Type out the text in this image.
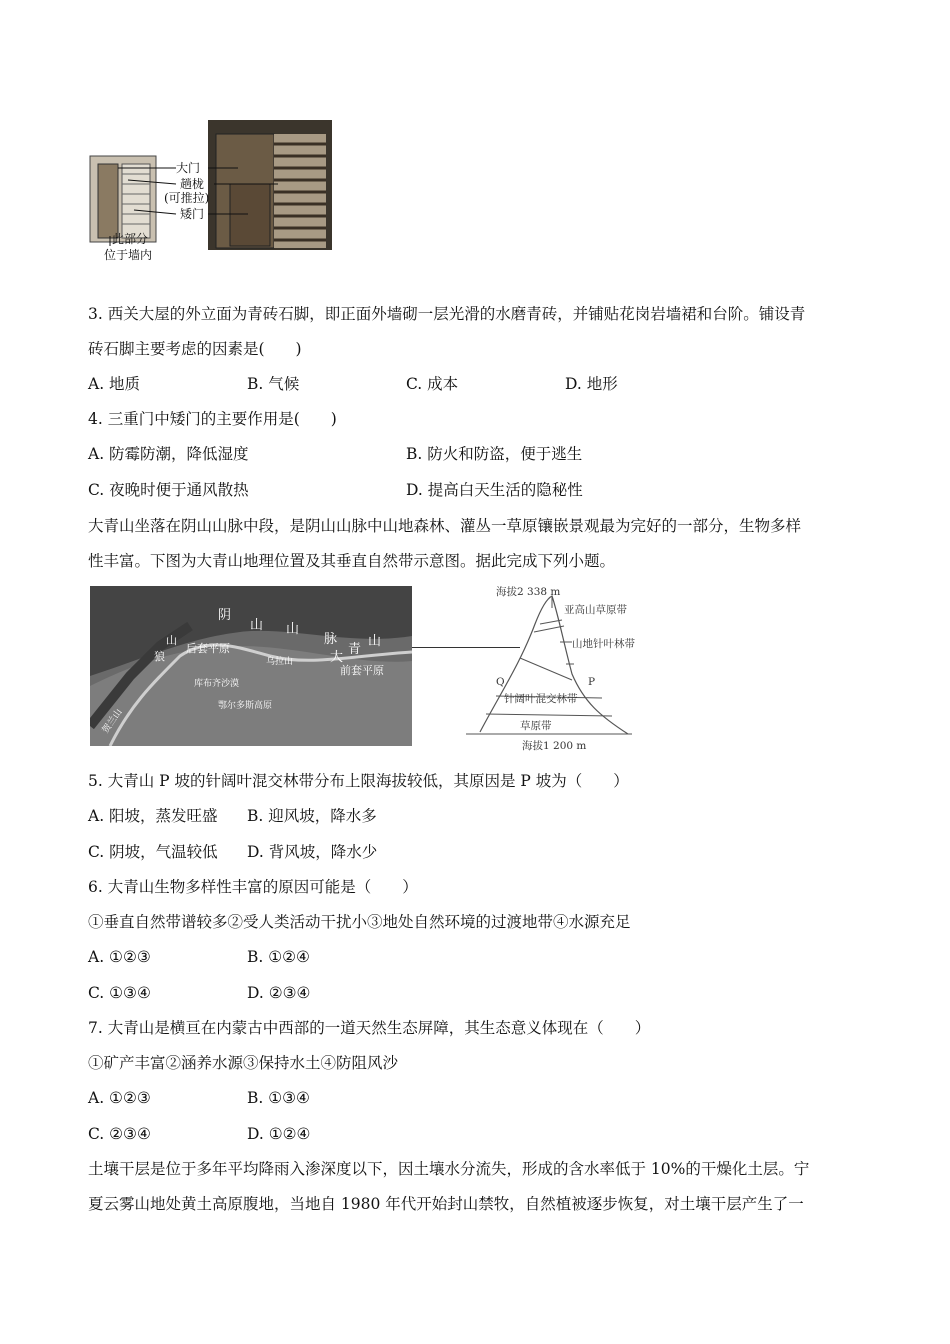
大门
趟栊
(可推拉)
矮门
此部分
位于墙内
3. 西关大屋的外立面为青砖石脚，即正面外墙砌一层光滑的水磨青砖，并铺贴花岗岩墙裙和台阶。铺设青
砖石脚主要考虑的因素是(　　)
A. 地质	B. 气候	C. 成本	D. 地形
4. 三重门中矮门的主要作用是(　　)
A. 防霉防潮，降低湿度	B. 防火和防盗，便于逃生
C. 夜晚时便于通风散热	D. 提高白天生活的隐秘性
大青山坐落在阴山山脉中段，是阴山山脉中山地森林、灌丛一草原镶嵌景观最为完好的一部分，生物多样
性丰富。下图为大青山地理位置及其垂直自然带示意图。据此完成下列小题。
狼
山
阴
山 山
脉
后套平原
乌拉山	大
青
山
前套平原
库布齐沙漠
鄂尔多斯高原
贺兰山
海拔2 338 m
亚高山草原带
山地针叶林带
Q	P
针阔叶混交林带
草原带
海拔1 200 m
5. 大青山 P 坡的针阔叶混交林带分布上限海拔较低，其原因是 P 坡为（　　）
A. 阳坡，蒸发旺盛 B. 迎风坡，降水多
C. 阴坡，气温较低 D. 背风坡，降水少
6. 大青山生物多样性丰富的原因可能是（　　）
①垂直自然带谱较多②受人类活动干扰小③地处自然环境的过渡地带④水源充足
A. ①②③	B. ①②④
C. ①③④	D. ②③④
7. 大青山是横亘在内蒙古中西部的一道天然生态屏障，其生态意义体现在（　　）
①矿产丰富②涵养水源③保持水土④防阻风沙
A. ①②③	B. ①③④
C. ②③④	D. ①②④
土壤干层是位于多年平均降雨入渗深度以下，因土壤水分流失，形成的含水率低于 10%的干燥化土层。宁
夏云雾山地处黄土高原腹地，当地自 1980 年代开始封山禁牧，自然植被逐步恢复，对土壤干层产生了一
